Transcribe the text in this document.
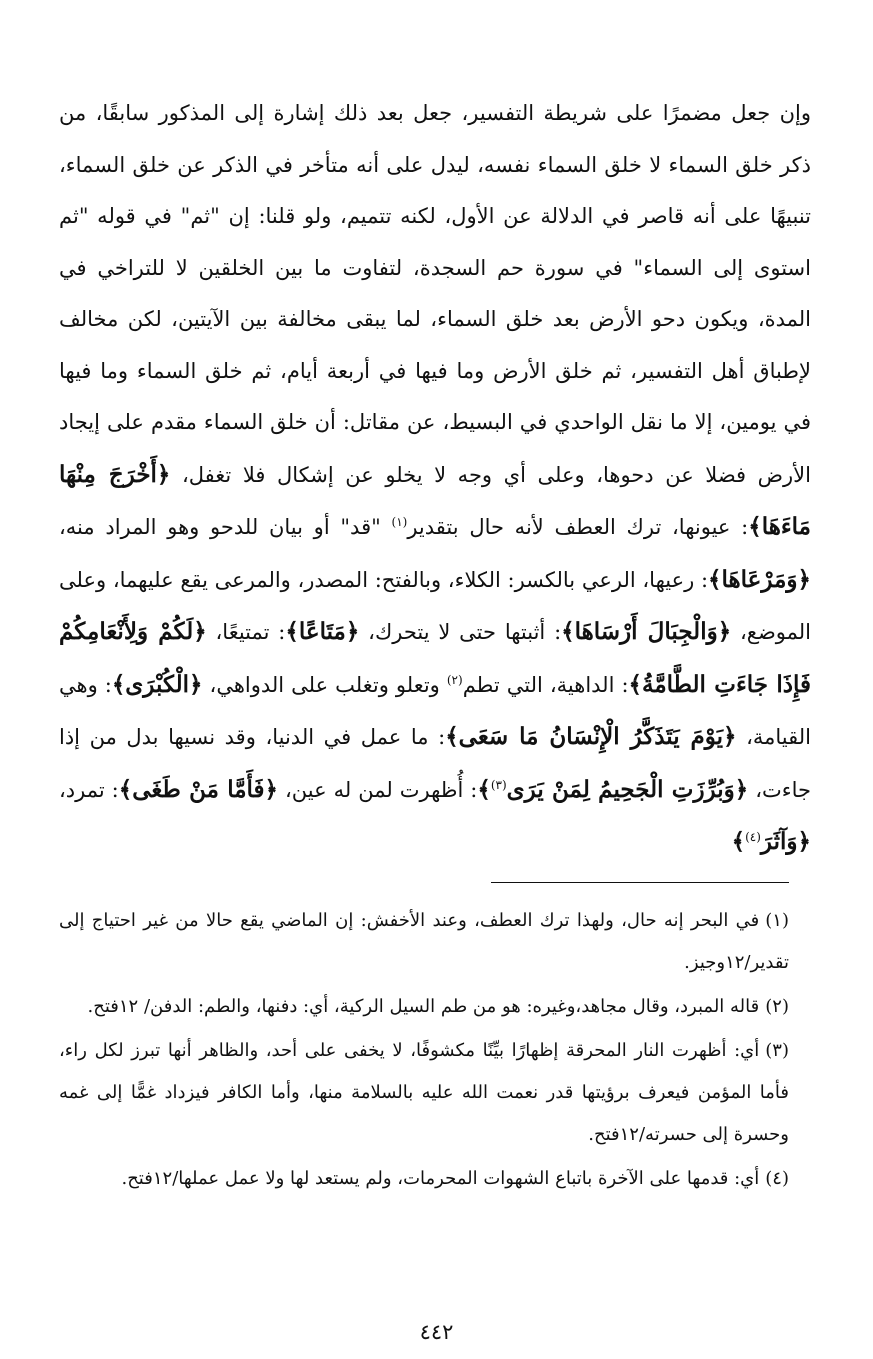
وإن جعل مضمرًا على شريطة التفسير، جعل بعد ذلك إشارة إلى المذكور سابقًا، من ذكر خلق السماء لا خلق السماء نفسه، ليدل على أنه متأخر في الذكر عن خلق السماء، تنبيهًا على أنه قاصر في الدلالة عن الأول، لكنه تتميم، ولو قلنا: إن "ثم" في قوله "ثم استوى إلى السماء" في سورة حم السجدة، لتفاوت ما بين الخلقين لا للتراخي في المدة، ويكون دحو الأرض بعد خلق السماء، لما يبقى مخالفة بين الآيتين، لكن مخالف لإطباق أهل التفسير، ثم خلق الأرض وما فيها في أربعة أيام، ثم خلق السماء وما فيها في يومين، إلا ما نقل الواحدي في البسيط، عن مقاتل: أن خلق السماء مقدم على إيجاد الأرض فضلا عن دحوها، وعلى أي وجه لا يخلو عن إشكال فلا تغفل، ﴿أَخْرَجَ مِنْهَا مَاءَهَا﴾: عيونها، ترك العطف لأنه حال بتقدير$^{(١)}$ "قد" أو بيان للدحو وهو المراد منه، ﴿وَمَرْعَاهَا﴾: رعيها، الرعي بالكسر: الكلاء، وبالفتح: المصدر، والمرعى يقع عليهما، وعلى الموضع، ﴿وَالْجِبَالَ أَرْسَاهَا﴾: أثبتها حتى لا يتحرك، ﴿مَتَاعًا﴾: تمتيعًا، ﴿لَكُمْ وَلِأَنْعَامِكُمْ فَإِذَا جَاءَتِ الطَّامَّةُ﴾: الداهية، التي تطم$^{(٢)}$ وتعلو وتغلب على الدواهي، ﴿الْكُبْرَى﴾: وهي القيامة، ﴿يَوْمَ يَتَذَكَّرُ الْإِنْسَانُ مَا سَعَى﴾: ما عمل في الدنيا، وقد نسيها بدل من إذا جاءت، ﴿وَبُرِّزَتِ الْجَحِيمُ لِمَنْ يَرَى$^{(٣)}$﴾: أُظهرت لمن له عين، ﴿فَأَمَّا مَنْ طَغَى﴾: تمرد، ﴿وَآثَرَ$^{(٤)}$﴾

(١)في البحر إنه حال، ولهذا ترك العطف، وعند الأخفش: إن الماضي يقع حالا من غير احتياج إلى تقدير/١٢وجيز.

(٢)قاله المبرد، وقال مجاهد،وغيره: هو من طم السيل الركية، أي: دفنها، والطم: الدفن/ ١٢فتح.

(٣)أي: أظهرت النار المحرقة إظهارًا بيِّنًا مكشوفًا، لا يخفى على أحد، والظاهر أنها تبرز لكل راء، فأما المؤمن فيعرف برؤيتها قدر نعمت الله عليه بالسلامة منها، وأما الكافر فيزداد غمًّا إلى غمه وحسرة إلى حسرته/١٢فتح.

(٤)أي: قدمها على الآخرة باتباع الشهوات المحرمات، ولم يستعد لها ولا عمل عملها/١٢فتح.

٤٤٢
